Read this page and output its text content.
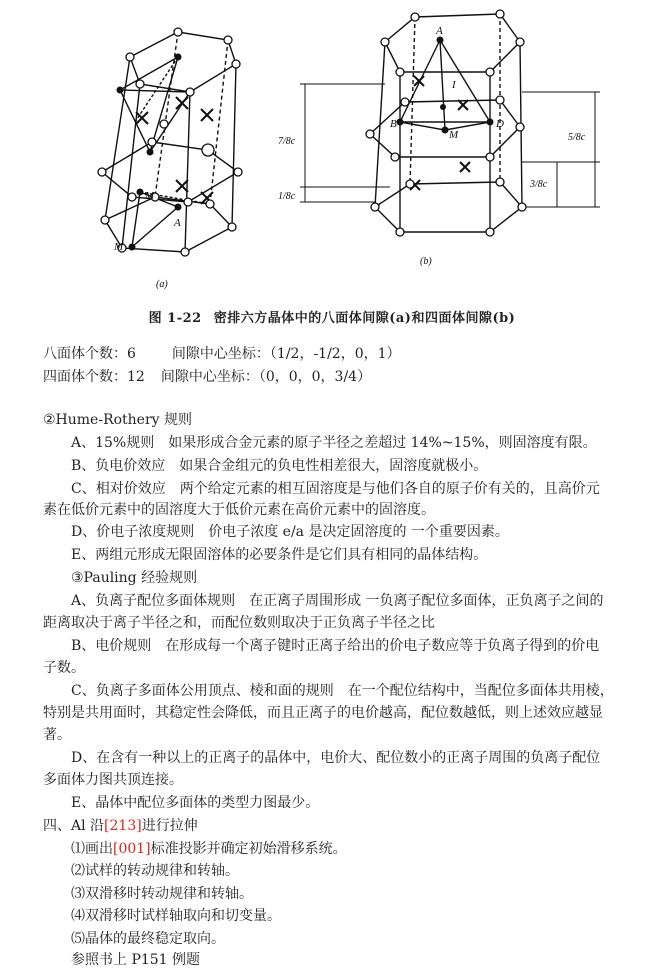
M
M
A
(a)
A
B	D
I
M
7/8c
1/8c
5/8c
3/8c
(b)
图 1-22 密排六方晶体中的八面体间隙(a)和四面体间隙(b)
八面体个数：6	间隙中心坐标：（1/2，-1/2，0，1）
四面体个数：12 间隙中心坐标：（0，0，0，3/4）
②Hume-Rothery 规则
A、15%规则　如果形成合金元素的原子半径之差超过 14%~15%，则固溶度有限。
B、负电价效应　如果合金组元的负电性相差很大，固溶度就极小。
C、相对价效应　两个给定元素的相互固溶度是与他们各自的原子价有关的，且高价元
素在低价元素中的固溶度大于低价元素在高价元素中的固溶度。
D、价电子浓度规则　价电子浓度 e/a 是决定固溶度的 一个重要因素。
E、两组元形成无限固溶体的必要条件是它们具有相同的晶体结构。
③Pauling 经验规则
A、负离子配位多面体规则　在正离子周围形成 一负离子配位多面体，正负离子之间的
距离取决于离子半径之和，而配位数则取决于正负离子半径之比
B、电价规则　在形成每一个离子键时正离子给出的价电子数应等于负离子得到的价电
子数。
C、负离子多面体公用顶点、棱和面的规则　在一个配位结构中，当配位多面体共用棱，
特别是共用面时，其稳定性会降低，而且正离子的电价越高，配位数越低，则上述效应越显
著。
D、在含有一种以上的正离子的晶体中，电价大、配位数小的正离子周围的负离子配位
多面体力图共顶连接。
E、晶体中配位多面体的类型力图最少。
四、Al 沿[213]进行拉伸
⑴画出[001]标准投影并确定初始滑移系统。
⑵试样的转动规律和转轴。
⑶双滑移时转动规律和转轴。
⑷双滑移时试样轴取向和切变量。
⑸晶体的最终稳定取向。
参照书上 P151 例题
